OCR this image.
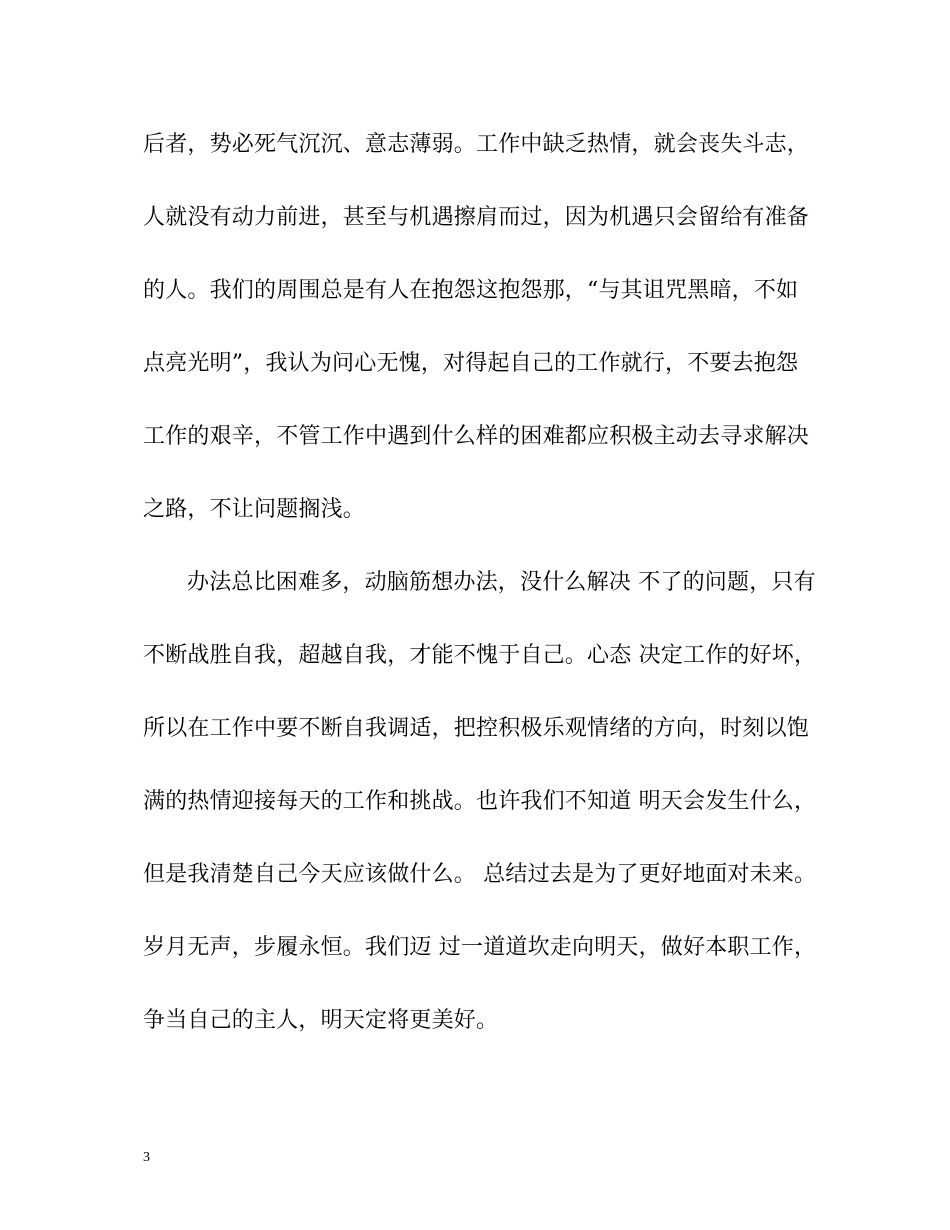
后者，势必死气沉沉、意志薄弱。工作中缺乏热情，就会丧失斗志，
人就没有动力前进，甚至与机遇擦肩而过，因为机遇只会留给有准备
的人。我们的周围总是有人在抱怨这抱怨那，“与其诅咒黑暗，不如
点亮光明”，我认为问心无愧，对得起自己的工作就行，不要去抱怨
工作的艰辛，不管工作中遇到什么样的困难都应积极主动去寻求解决
之路，不让问题搁浅。
办法总比困难多，动脑筋想办法，没什么解决 不了的问题，只有
不断战胜自我，超越自我，才能不愧于自己。心态 决定工作的好坏，
所以在工作中要不断自我调适，把控积极乐观情绪的方向，时刻以饱
满的热情迎接每天的工作和挑战。也许我们不知道 明天会发生什么，
但是我清楚自己今天应该做什么。 总结过去是为了更好地面对未来。
岁月无声，步履永恒。我们迈 过一道道坎走向明天，做好本职工作，
争当自己的主人，明天定将更美好。
3
